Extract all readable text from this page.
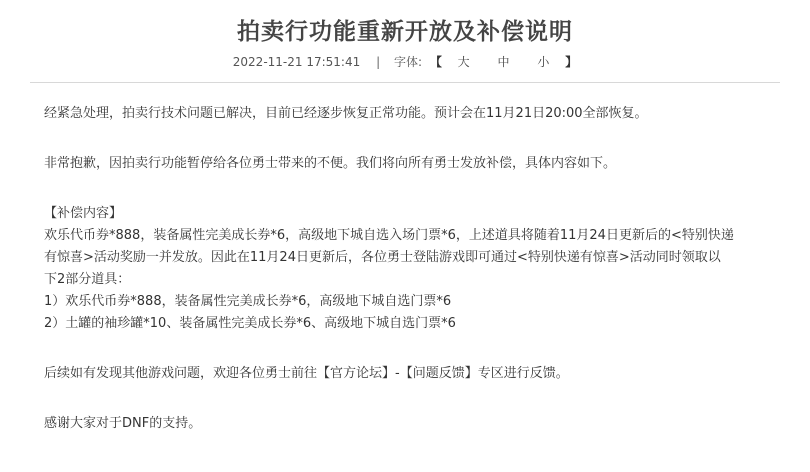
拍卖行功能重新开放及补偿说明
2022-11-21 17:51:41 | 字体: 【 大 中 小 】

经紧急处理，拍卖行技术问题已解决，目前已经逐步恢复正常功能。预计会在11月21日20:00全部恢复。

非常抱歉，因拍卖行功能暂停给各位勇士带来的不便。我们将向所有勇士发放补偿，具体内容如下。

【补偿内容】

欢乐代币券*888，装备属性完美成长券*6，高级地下城自选入场门票*6，上述道具将随着11月24日更新后的<特别快递

有惊喜>活动奖励一并发放。因此在11月24日更新后，各位勇士登陆游戏即可通过<特别快递有惊喜>活动同时领取以

下2部分道具：

1）欢乐代币券*888，装备属性完美成长券*6，高级地下城自选门票*6

2）土罐的袖珍罐*10、装备属性完美成长券*6、高级地下城自选门票*6

后续如有发现其他游戏问题，欢迎各位勇士前往【官方论坛】-【问题反馈】专区进行反馈。

感谢大家对于DNF的支持。
